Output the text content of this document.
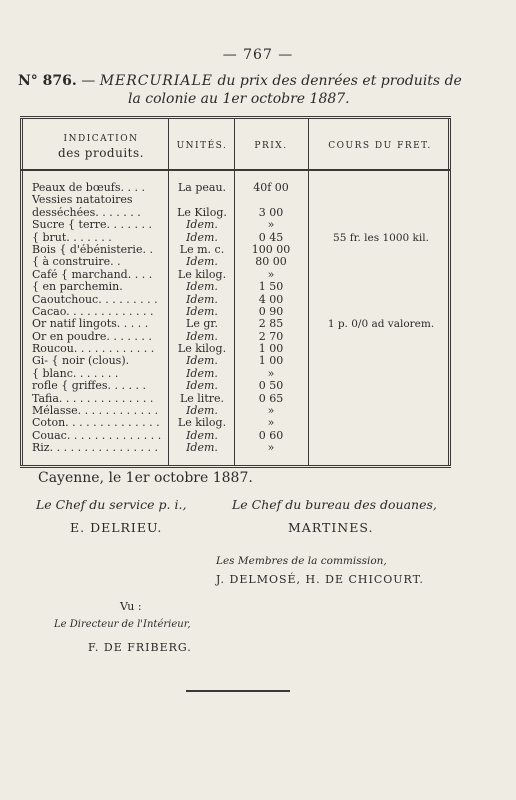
— 767 —
N° 876. — MERCURIALE du prix des denrées et produits de
la colonie au 1er octobre 1887.
INDICATION
des produits.	UNITÉS.	PRIX.	COURS DU FRET.
Peaux de bœufs. . . .	La peau.	40f 00
Vessies natatoires
desséchées. . . . . . .	Le Kilog.	3 00
Sucre { terre. . . . . . .	Idem.	»
{ brut. . . . . . .	Idem.	0 45	55 fr. les 1000 kil.
Bois { d'ébénisterie. .	Le m. c.	100 00
{ à construire. .	Idem.	80 00
Café { marchand. . . .	Le kilog.	»
{ en parchemin.	Idem.	1 50
Caoutchouc. . . . . . . . .	Idem.	4 00
Cacao. . . . . . . . . . . . .	Idem.	0 90
Or natif lingots. . . . .	Le gr.	2 85	1 p. 0/0 ad valorem.
Or en poudre. . . . . . .	Idem.	2 70
Roucou. . . . . . . . . . . .	Le kilog.	1 00
Gi- { noir (clous).	Idem.	1 00
{ blanc. . . . . . .	Idem.	»
rofle { griffes. . . . . .	Idem.	0 50
Tafia. . . . . . . . . . . . . .	Le litre.	0 65
Mélasse. . . . . . . . . . . .	Idem.	»
Coton. . . . . . . . . . . . . .	Le kilog.	»
Couac. . . . . . . . . . . . . .	Idem.	0 60
Riz. . . . . . . . . . . . . . . .	Idem.	»
Cayenne, le 1er octobre 1887.
Le Chef du service p. i.,	Le Chef du bureau des douanes,
E. DELRIEU.	MARTINES.
Les Membres de la commission,
J. DELMOSÉ, H. DE CHICOURT.
Vu :
Le Directeur de l'Intérieur,
F. DE FRIBERG.
